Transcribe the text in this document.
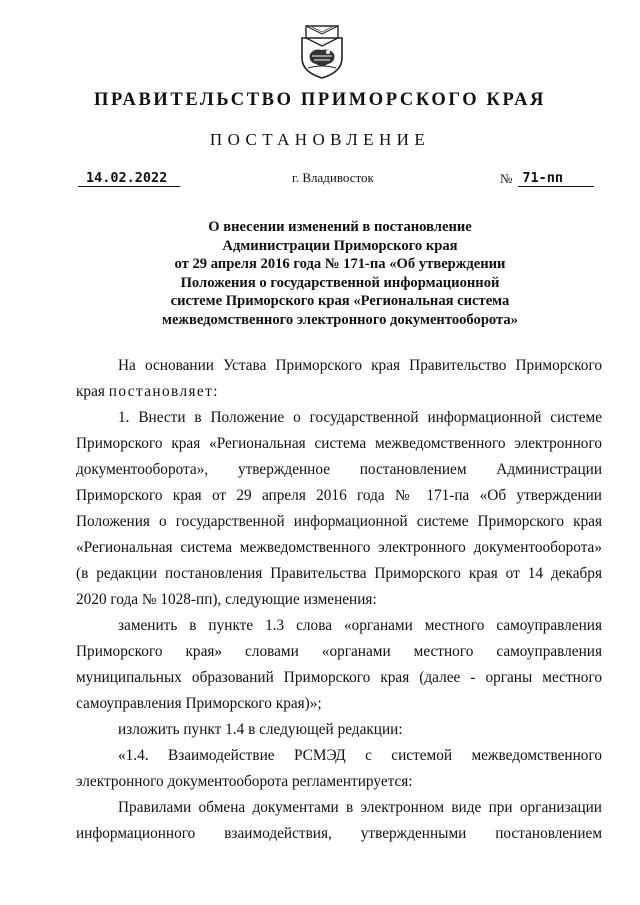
ПРАВИТЕЛЬСТВО ПРИМОРСКОГО КРАЯ
ПОСТАНОВЛЕНИЕ
14.02.2022	г. Владивосток	№ 71-пп
О внесении изменений в постановление
Администрации Приморского края
от 29 апреля 2016 года № 171-па «Об утверждении
Положения о государственной информационной
системе Приморского края «Региональная система
межведомственного электронного документооборота»
На основании Устава Приморского края Правительство Приморского
края постановляет:
1. Внести в Положение о государственной информационной системе
Приморского края «Региональная система межведомственного электронного
документооборота», утвержденное постановлением Администрации
Приморского края от 29 апреля 2016 года № 171-па «Об утверждении
Положения о государственной информационной системе Приморского края
«Региональная система межведомственного электронного документооборота»
(в редакции постановления Правительства Приморского края от 14 декабря
2020 года № 1028-пп), следующие изменения:
заменить в пункте 1.3 слова «органами местного самоуправления
Приморского края» словами «органами местного самоуправления
муниципальных образований Приморского края (далее - органы местного
самоуправления Приморского края)»;
изложить пункт 1.4 в следующей редакции:
«1.4. Взаимодействие РСМЭД с системой межведомственного
электронного документооборота регламентируется:
Правилами обмена документами в электронном виде при организации
информационного взаимодействия, утвержденными постановлением
